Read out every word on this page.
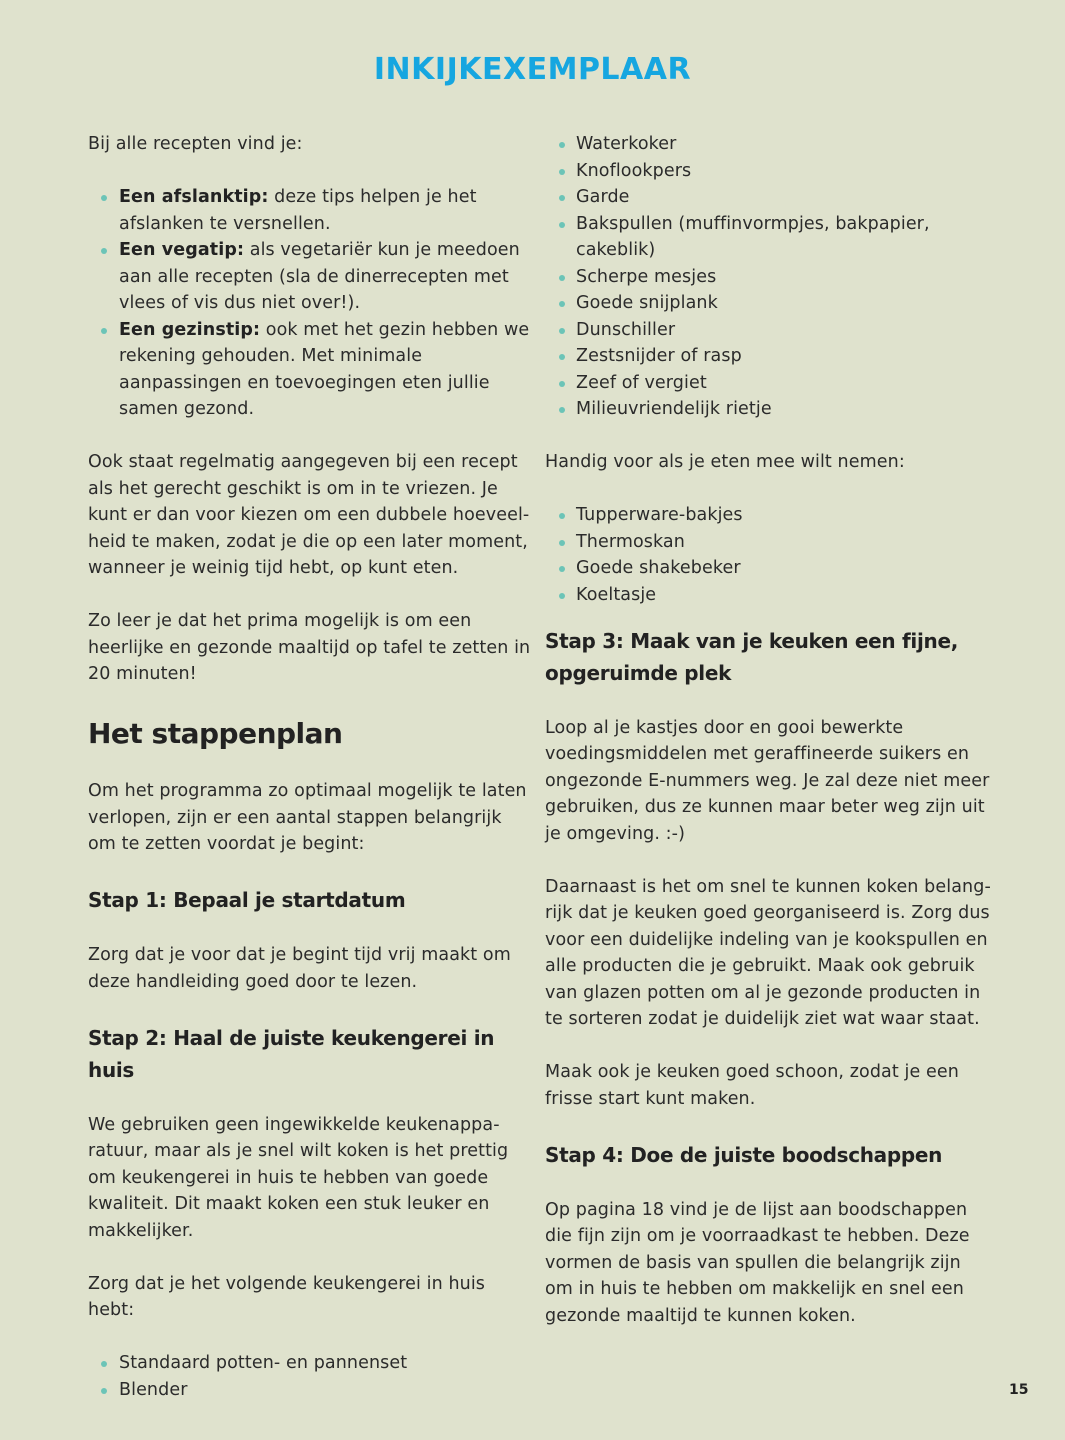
INKIJKEXEMPLAAR

Bij alle recepten vind je:

Een afslanktip: deze tips helpen je het afslanken te versnellen.
Een vegatip: als vegetariër kun je meedoen aan alle recepten (sla de dinerrecepten met vlees of vis dus niet over!).
Een gezinstip: ook met het gezin hebben we rekening gehouden. Met minimale aanpassingen en toevoegingen eten jullie samen gezond.

Ook staat regelmatig aangegeven bij een recept als het gerecht geschikt is om in te vriezen. Je kunt er dan voor kiezen om een dubbele hoeveelheid te maken, zodat je die op een later moment, wanneer je weinig tijd hebt, op kunt eten.

Zo leer je dat het prima mogelijk is om een heerlijke en gezonde maaltijd op tafel te zetten in 20 minuten!

Het stappenplan

Om het programma zo optimaal mogelijk te laten verlopen, zijn er een aantal stappen belangrijk om te zetten voordat je begint:

Stap 1: Bepaal je startdatum

Zorg dat je voor dat je begint tijd vrij maakt om deze handleiding goed door te lezen.

Stap 2: Haal de juiste keukengerei in huis

We gebruiken geen ingewikkelde keukenapparatuur, maar als je snel wilt koken is het prettig om keukengerei in huis te hebben van goede kwaliteit. Dit maakt koken een stuk leuker en makkelijker.

Zorg dat je het volgende keukengerei in huis hebt:

Standaard potten- en pannenset
Blender
Waterkoker
Knoflookpers
Garde
Bakspullen (muffinvormpjes, bakpapier, cakeblik)
Scherpe mesjes
Goede snijplank
Dunschiller
Zestsnijder of rasp
Zeef of vergiet
Milieuvriendelijk rietje

Handig voor als je eten mee wilt nemen:

Tupperware-bakjes
Thermoskan
Goede shakebeker
Koeltasje
Stap 3: Maak van je keuken een fijne, opgeruimde plek

Loop al je kastjes door en gooi bewerkte voedingsmiddelen met geraffineerde suikers en ongezonde E-nummers weg. Je zal deze niet meer gebruiken, dus ze kunnen maar beter weg zijn uit je omgeving. :-)

Daarnaast is het om snel te kunnen koken belangrijk dat je keuken goed georganiseerd is. Zorg dus voor een duidelijke indeling van je kookspullen en alle producten die je gebruikt. Maak ook gebruik van glazen potten om al je gezonde producten in te sorteren zodat je duidelijk ziet wat waar staat.

Maak ook je keuken goed schoon, zodat je een frisse start kunt maken.

Stap 4: Doe de juiste boodschappen

Op pagina 18 vind je de lijst aan boodschappen die fijn zijn om je voorraadkast te hebben. Deze vormen de basis van spullen die belangrijk zijn om in huis te hebben om makkelijk en snel een gezonde maaltijd te kunnen koken.

15
